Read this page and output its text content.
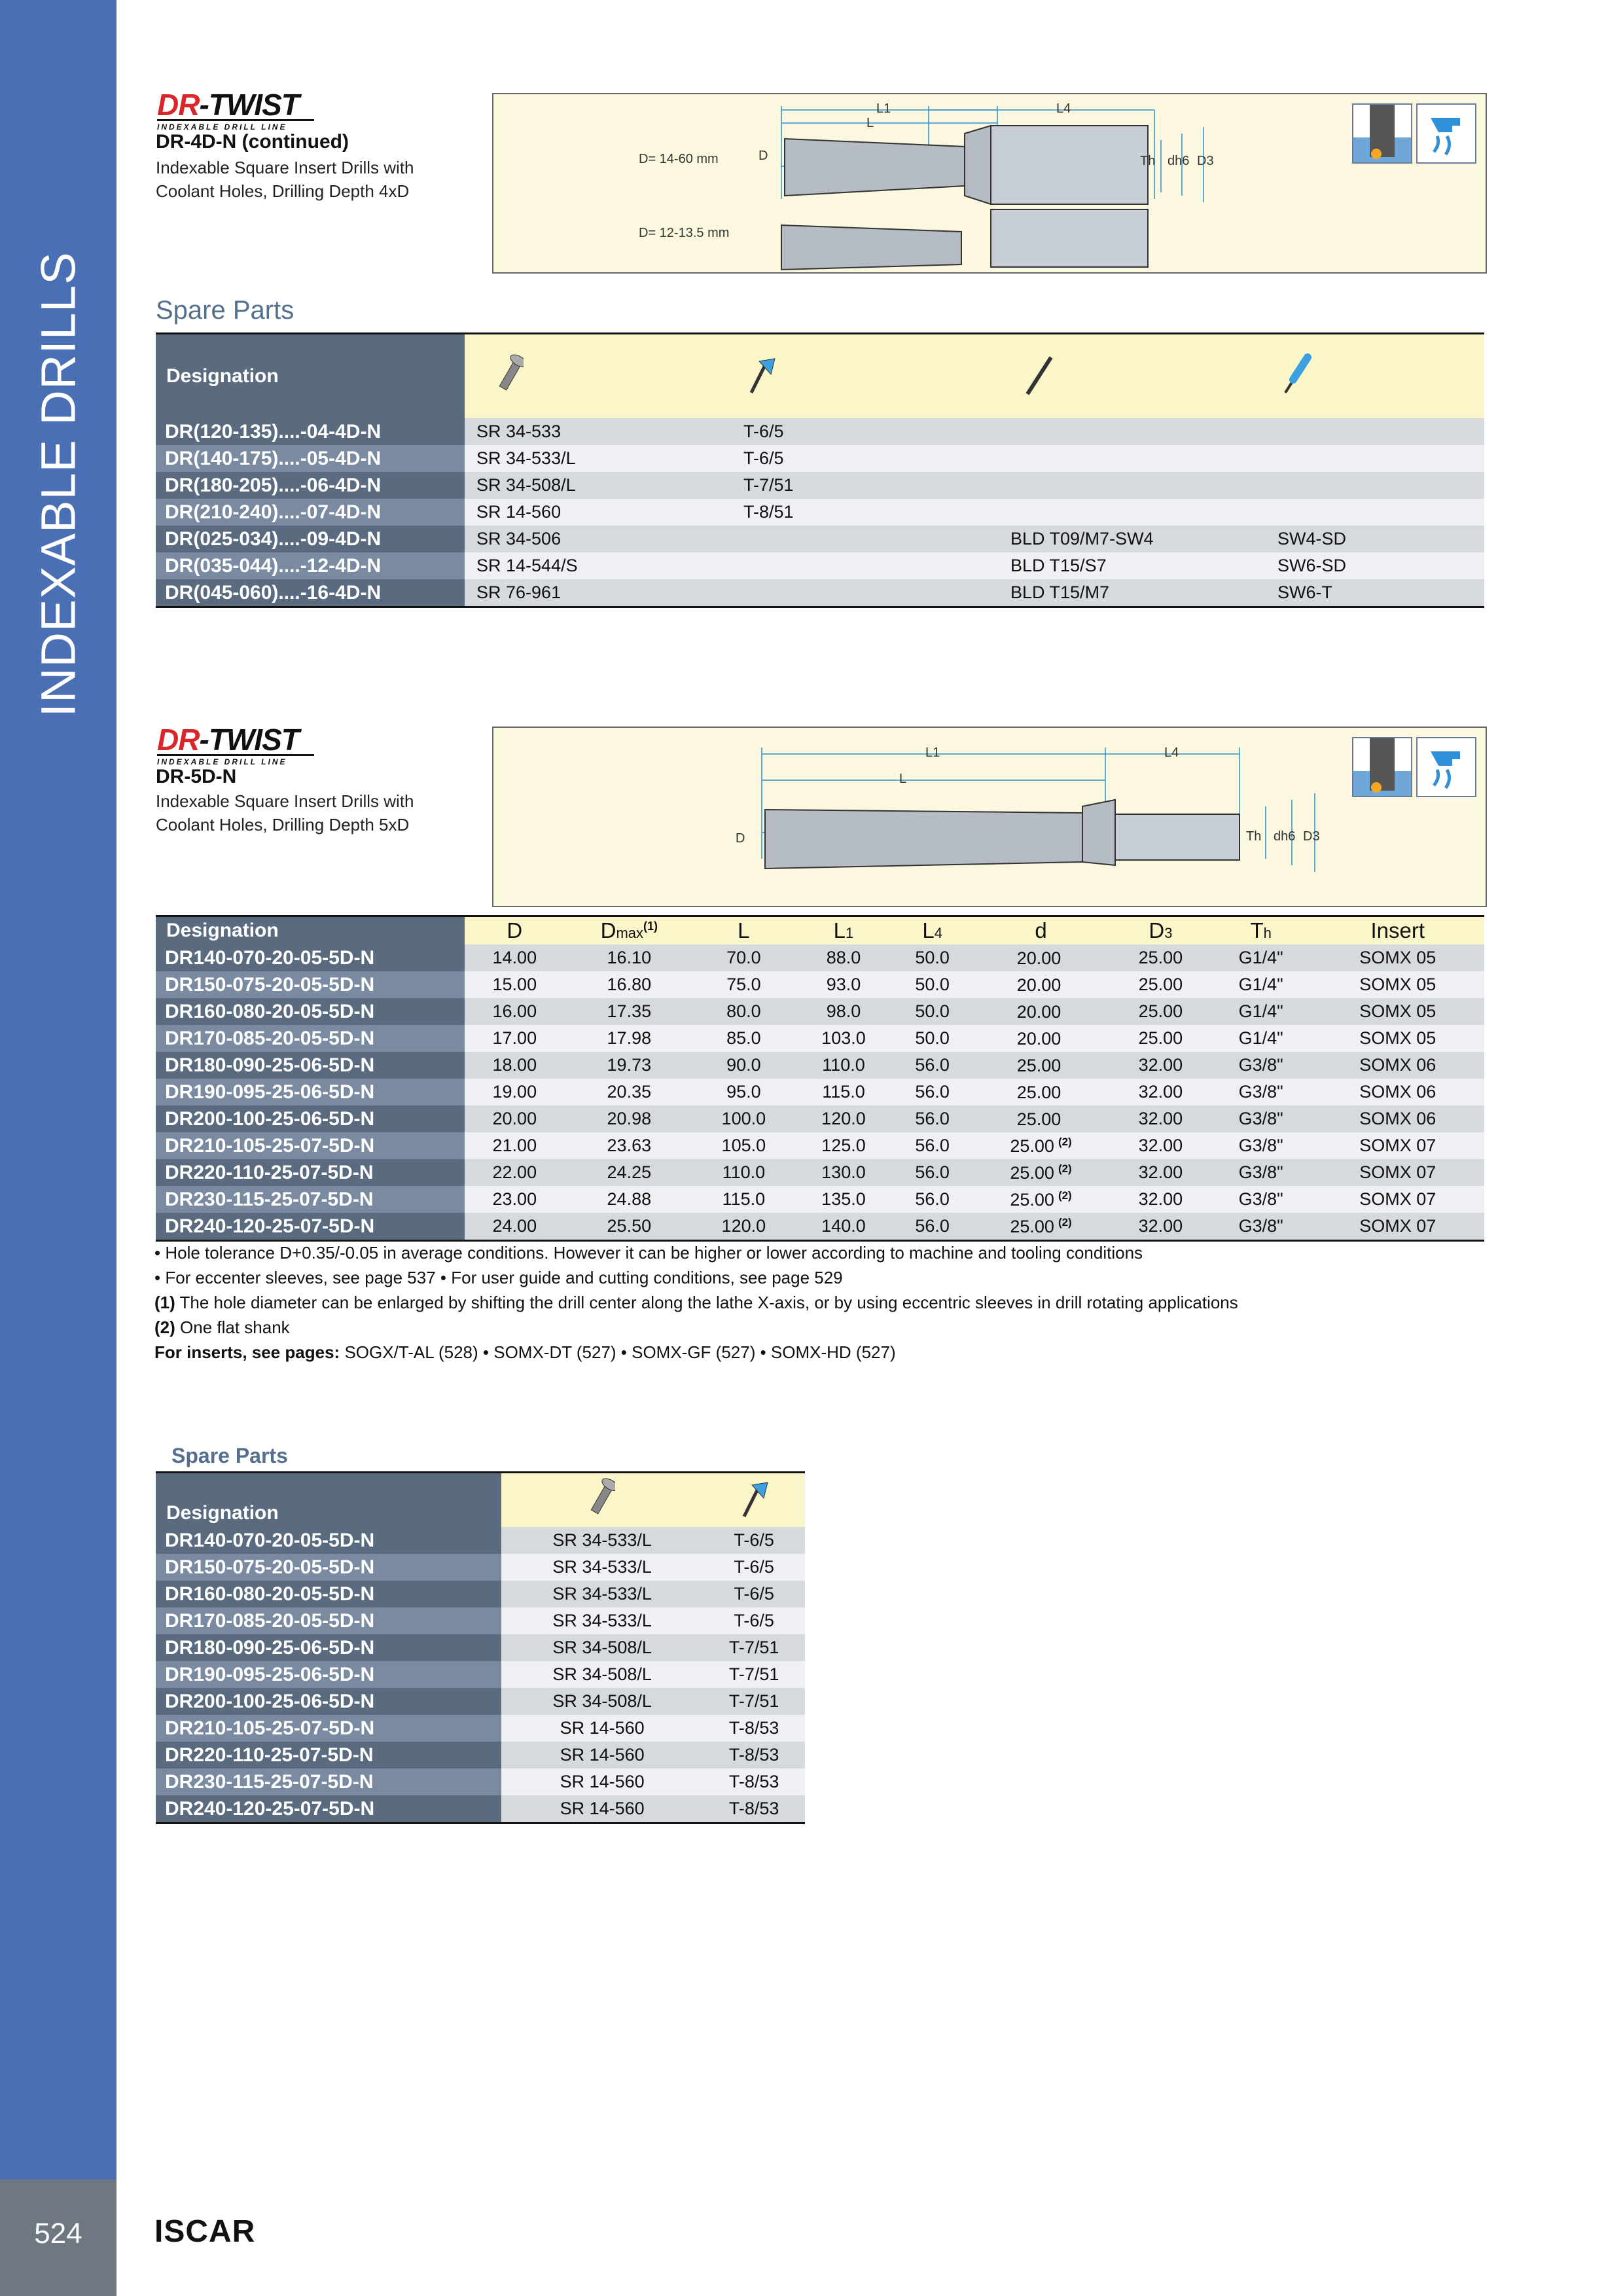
INDEXABLE DRILLS
524	ISCAR
DR-TWIST
INDEXABLE DRILL LINE
DR-4D-N (continued)
Indexable Square Insert Drills with
Coolant Holes, Drilling Depth 4xD
D= 14-60 mm
D= 12-13.5 mm
L1
L
L4
D	Th dh6 D3
Spare Parts
Designation				
DR(120-135)....-04-4D-N	SR 34-533	T-6/5		
DR(140-175)....-05-4D-N	SR 34-533/L	T-6/5		
DR(180-205)....-06-4D-N	SR 34-508/L	T-7/51		
DR(210-240)....-07-4D-N	SR 14-560	T-8/51		
DR(025-034)....-09-4D-N	SR 34-506		BLD T09/M7-SW4	SW4-SD
DR(035-044)....-12-4D-N	SR 14-544/S		BLD T15/S7	SW6-SD
DR(045-060)....-16-4D-N	SR 76-961		BLD T15/M7	SW6-T
DR-TWIST
INDEXABLE DRILL LINE
DR-5D-N
Indexable Square Insert Drills with
Coolant Holes, Drilling Depth 5xD
L1
L
L4
D	Th dh6 D3
Designation	D	Dmax$^{(1)}$	L	L1	L4	d	D3	Th	Insert
DR140-070-20-05-5D-N	14.00	16.10	70.0	88.0	50.0	20.00	25.00	G1/4"	SOMX 05
DR150-075-20-05-5D-N	15.00	16.80	75.0	93.0	50.0	20.00	25.00	G1/4"	SOMX 05
DR160-080-20-05-5D-N	16.00	17.35	80.0	98.0	50.0	20.00	25.00	G1/4"	SOMX 05
DR170-085-20-05-5D-N	17.00	17.98	85.0	103.0	50.0	20.00	25.00	G1/4"	SOMX 05
DR180-090-25-06-5D-N	18.00	19.73	90.0	110.0	56.0	25.00	32.00	G3/8"	SOMX 06
DR190-095-25-06-5D-N	19.00	20.35	95.0	115.0	56.0	25.00	32.00	G3/8"	SOMX 06
DR200-100-25-06-5D-N	20.00	20.98	100.0	120.0	56.0	25.00	32.00	G3/8"	SOMX 06
DR210-105-25-07-5D-N	21.00	23.63	105.0	125.0	56.0	25.00 $^{(2)}$	32.00	G3/8"	SOMX 07
DR220-110-25-07-5D-N	22.00	24.25	110.0	130.0	56.0	25.00 $^{(2)}$	32.00	G3/8"	SOMX 07
DR230-115-25-07-5D-N	23.00	24.88	115.0	135.0	56.0	25.00 $^{(2)}$	32.00	G3/8"	SOMX 07
DR240-120-25-07-5D-N	24.00	25.50	120.0	140.0	56.0	25.00 $^{(2)}$	32.00	G3/8"	SOMX 07
• Hole tolerance D+0.35/-0.05 in average conditions. However it can be higher or lower according to machine and tooling conditions
• For eccenter sleeves, see page 537 • For user guide and cutting conditions, see page 529
(1) The hole diameter can be enlarged by shifting the drill center along the lathe X-axis, or by using eccentric sleeves in drill rotating applications
(2) One flat shank
For inserts, see pages: SOGX/T-AL (528) • SOMX-DT (527) • SOMX-GF (527) • SOMX-HD (527)
Spare Parts
Designation		
DR140-070-20-05-5D-N	SR 34-533/L	T-6/5
DR150-075-20-05-5D-N	SR 34-533/L	T-6/5
DR160-080-20-05-5D-N	SR 34-533/L	T-6/5
DR170-085-20-05-5D-N	SR 34-533/L	T-6/5
DR180-090-25-06-5D-N	SR 34-508/L	T-7/51
DR190-095-25-06-5D-N	SR 34-508/L	T-7/51
DR200-100-25-06-5D-N	SR 34-508/L	T-7/51
DR210-105-25-07-5D-N	SR 14-560	T-8/53
DR220-110-25-07-5D-N	SR 14-560	T-8/53
DR230-115-25-07-5D-N	SR 14-560	T-8/53
DR240-120-25-07-5D-N	SR 14-560	T-8/53
